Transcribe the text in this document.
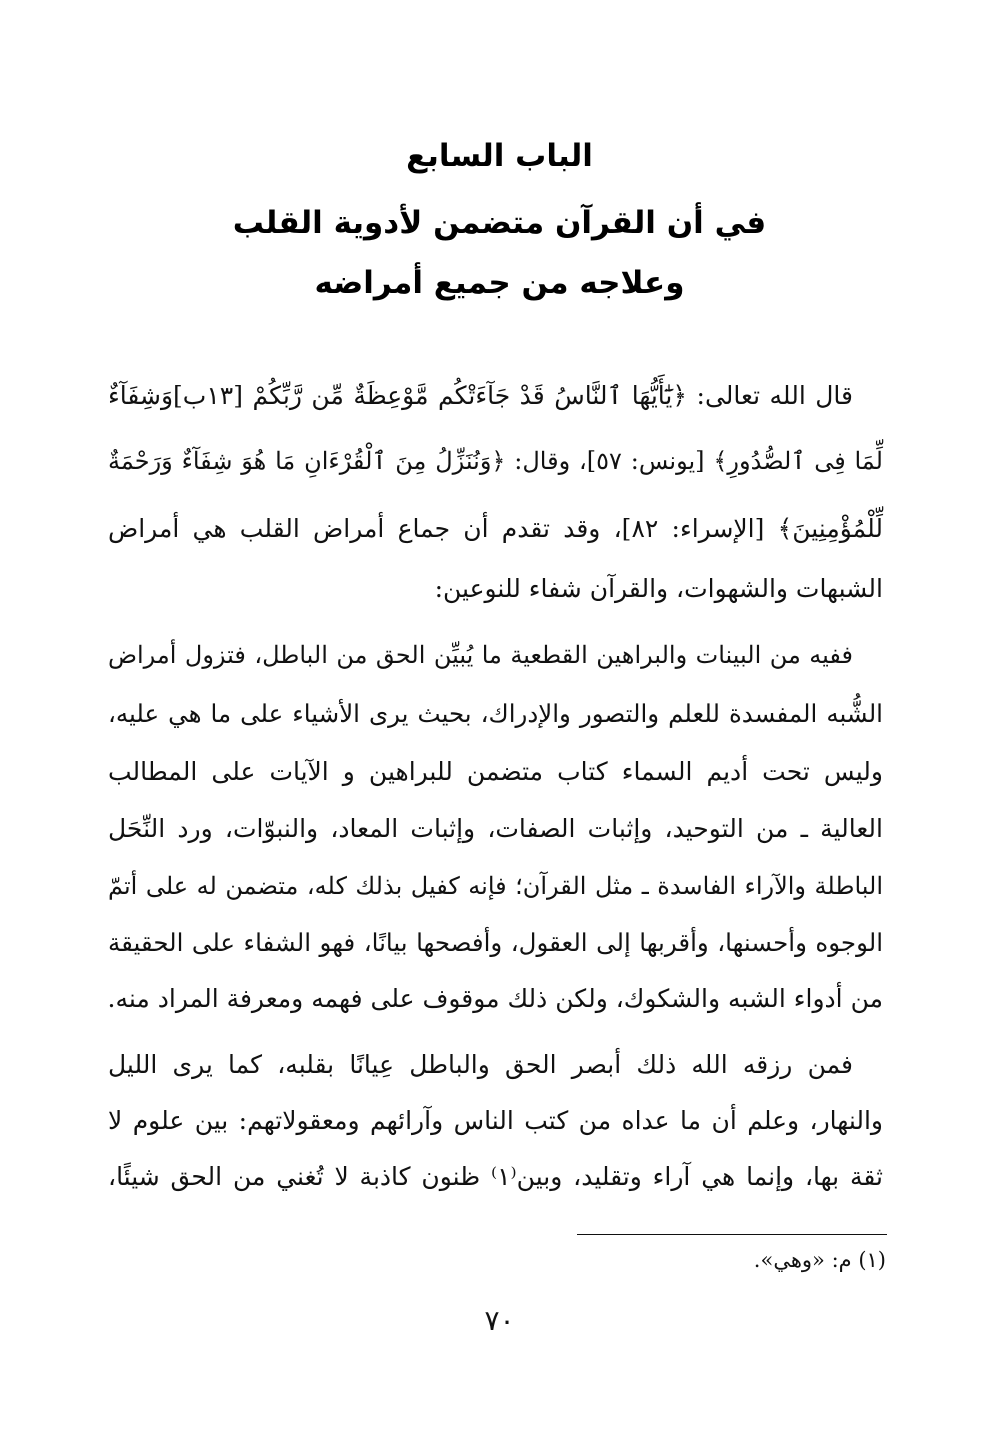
الباب السابع
في أن القرآن متضمن لأدوية القلب
وعلاجه من جميع أمراضه
قال الله تعالى: ﴿يَٰٓأَيُّهَا ٱلنَّاسُ قَدْ جَآءَتْكُم مَّوْعِظَةٌ مِّن رَّبِّكُمْ [١٣ب]وَشِفَآءٌ
لِّمَا فِى ٱلصُّدُورِ﴾ [يونس: ٥٧]، وقال: ﴿وَنُنَزِّلُ مِنَ ٱلْقُرْءَانِ مَا هُوَ شِفَآءٌ وَرَحْمَةٌ
لِّلْمُؤْمِنِينَ﴾ [الإسراء: ٨٢]، وقد تقدم أن جماع أمراض القلب هي أمراض
الشبهات والشهوات، والقرآن شفاء للنوعين:
ففيه من البينات والبراهين القطعية ما يُبيِّن الحق من الباطل، فتزول أمراض
الشُّبه المفسدة للعلم والتصور والإدراك، بحيث يرى الأشياء على ما هي عليه،
وليس تحت أديم السماء كتاب متضمن للبراهين و الآيات على المطالب
العالية ـ من التوحيد، وإثبات الصفات، وإثبات المعاد، والنبوّات، ورد النِّحَل
الباطلة والآراء الفاسدة ـ مثل القرآن؛ فإنه كفيل بذلك كله، متضمن له على أتمّ
الوجوه وأحسنها، وأقربها إلى العقول، وأفصحها بيانًا، فهو الشفاء على الحقيقة
من أدواء الشبه والشكوك، ولكن ذلك موقوف على فهمه ومعرفة المراد منه.
فمن رزقه الله ذلك أبصر الحق والباطل عِيانًا بقلبه، كما يرى الليل
والنهار، وعلم أن ما عداه من كتب الناس وآرائهم ومعقولاتهم: بين علوم لا
ثقة بها، وإنما هي آراء وتقليد، وبين⁽١⁾ ظنون كاذبة لا تُغني من الحق شيئًا،
(١) م: «وهي».
٧٠
